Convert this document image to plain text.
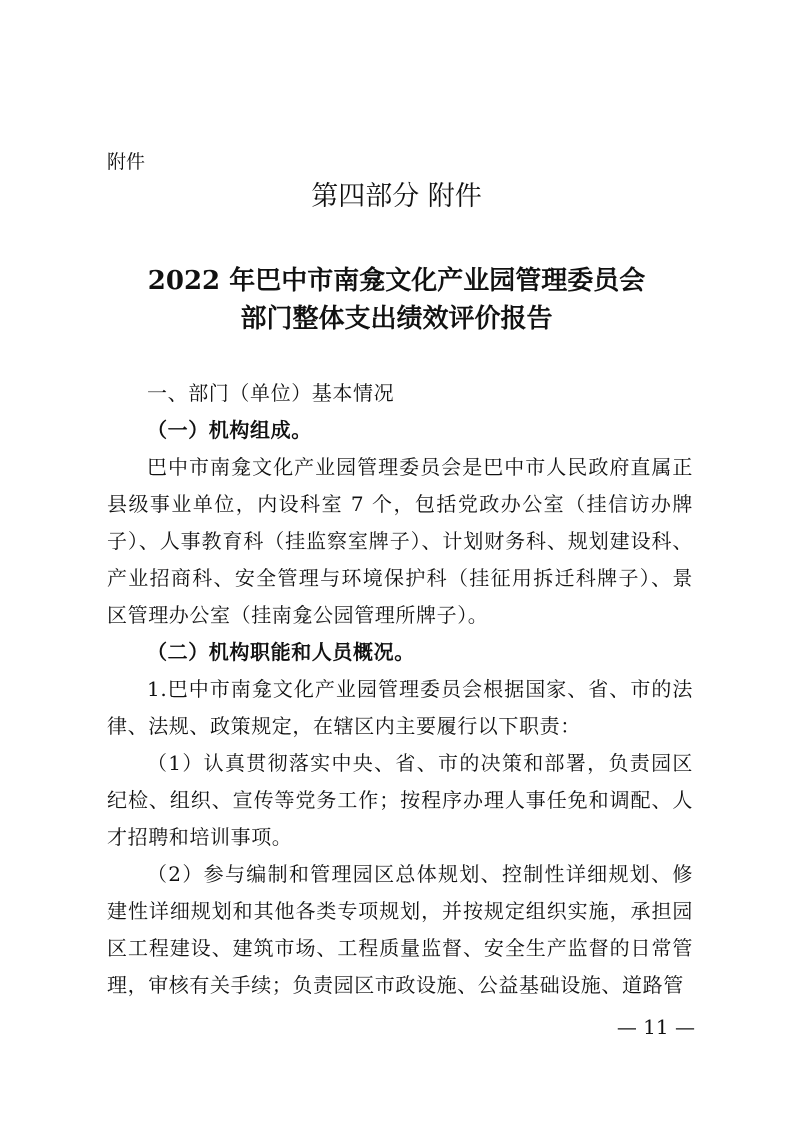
附件
第四部分 附件
2022 年巴中市南龛文化产业园管理委员会
部门整体支出绩效评价报告

一、部门（单位）基本情况

（一）机构组成。

巴中市南龛文化产业园管理委员会是巴中市人民政府直属正县级事业单位，内设科室 7 个，包括党政办公室（挂信访办牌子）、人事教育科（挂监察室牌子）、计划财务科、规划建设科、产业招商科、安全管理与环境保护科（挂征用拆迁科牌子）、景区管理办公室（挂南龛公园管理所牌子）。

（二）机构职能和人员概况。

1.巴中市南龛文化产业园管理委员会根据国家、省、市的法律、法规、政策规定，在辖区内主要履行以下职责：

（1）认真贯彻落实中央、省、市的决策和部署，负责园区纪检、组织、宣传等党务工作；按程序办理人事任免和调配、人才招聘和培训事项。

（2）参与编制和管理园区总体规划、控制性详细规划、修建性详细规划和其他各类专项规划，并按规定组织实施，承担园区工程建设、建筑市场、工程质量监督、安全生产监督的日常管理，审核有关手续；负责园区市政设施、公益基础设施、道路管

— 11 —
